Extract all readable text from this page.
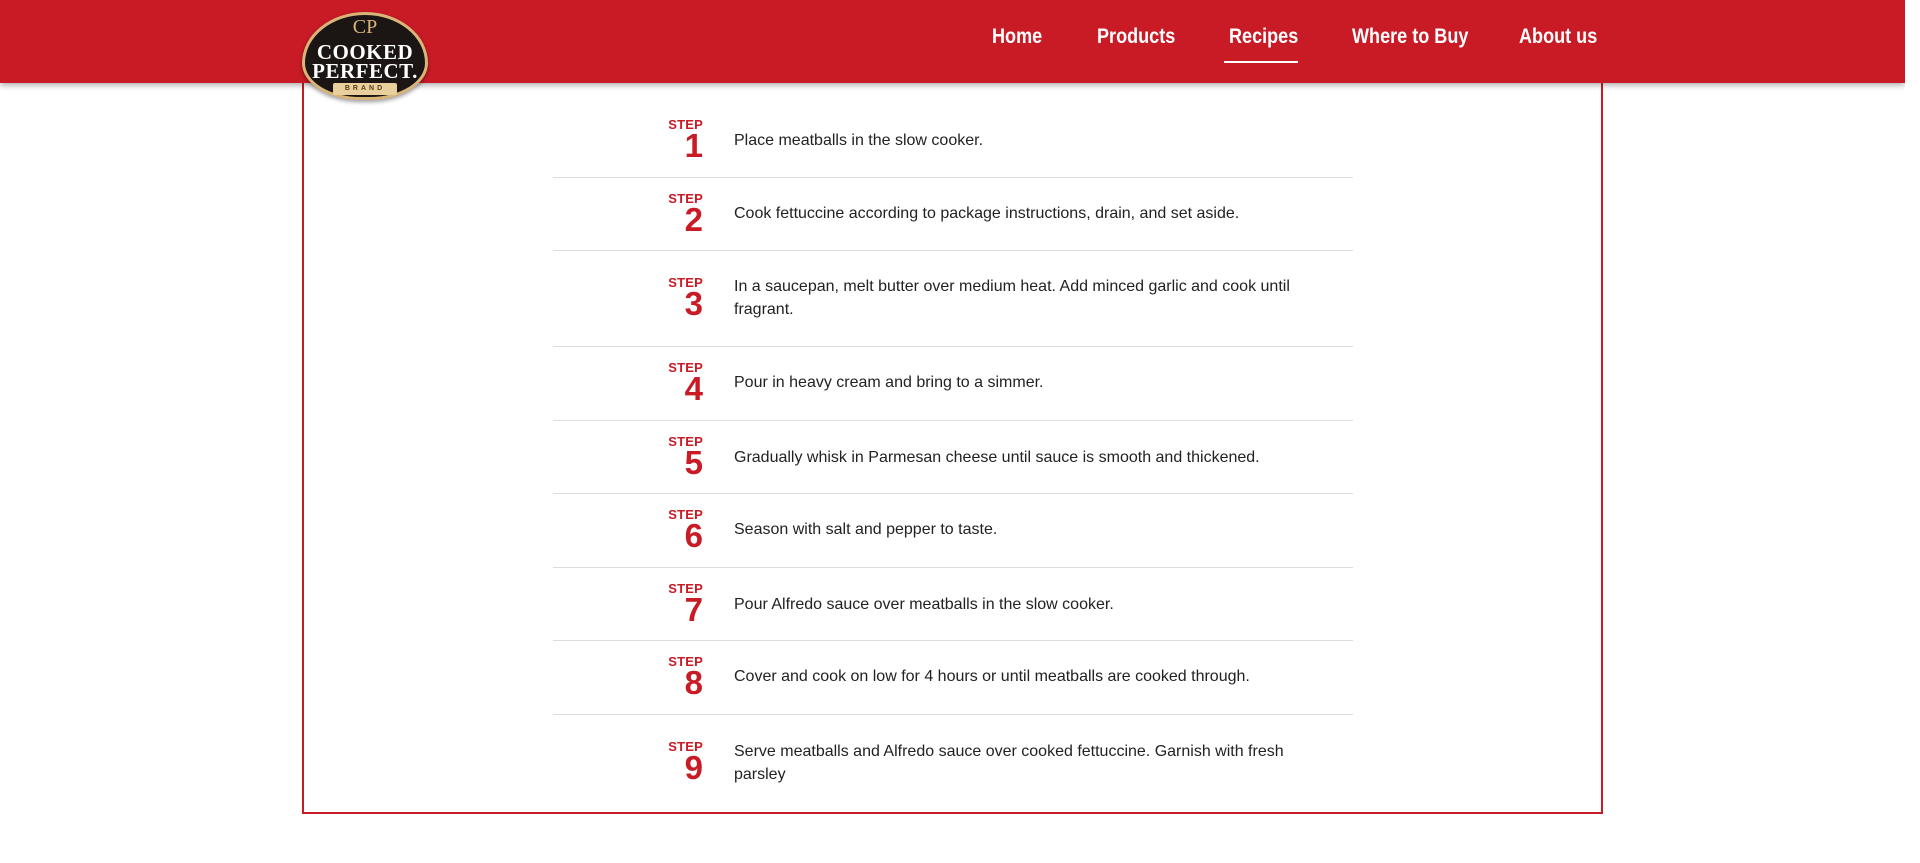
Home	Products	Recipes	Where to Buy About us
CP
COOKED
PERFECT.
BRAND
STEP
1 Place meatballs in the slow cooker.
STEP
2 Cook fettuccine according to package instructions, drain, and set aside.
STEP
3 In a saucepan, melt butter over medium heat. Add minced garlic and cook until fragrant.
STEP
4 Pour in heavy cream and bring to a simmer.
STEP
5 Gradually whisk in Parmesan cheese until sauce is smooth and thickened.
STEP
6 Season with salt and pepper to taste.
STEP
7 Pour Alfredo sauce over meatballs in the slow cooker.
STEP
8 Cover and cook on low for 4 hours or until meatballs are cooked through.
STEP
9 Serve meatballs and Alfredo sauce over cooked fettuccine. Garnish with fresh parsley
